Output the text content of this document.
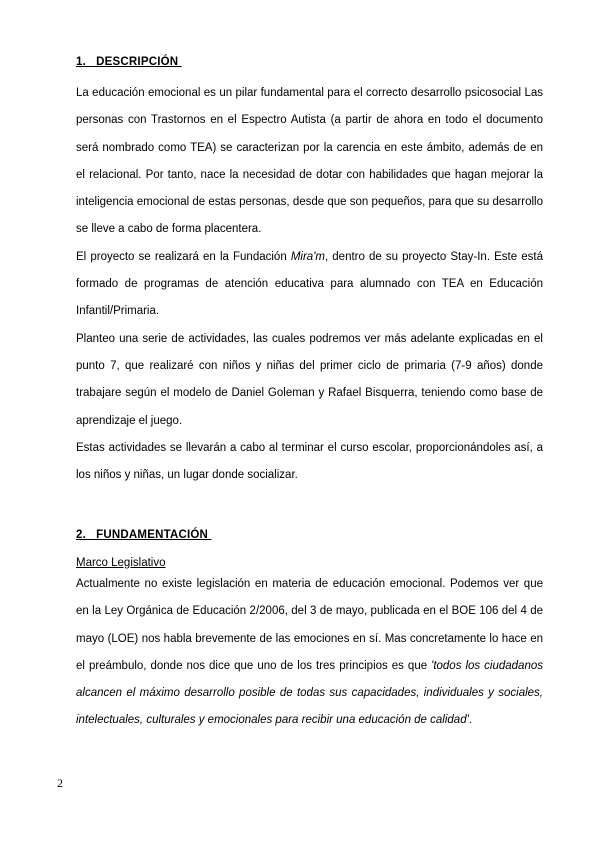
1.   DESCRIPCIÓN

La educación emocional es un pilar fundamental para el correcto desarrollo psicosocial Las personas con Trastornos en el Espectro Autista (a partir de ahora en todo el documento será nombrado como TEA) se caracterizan por la carencia en este ámbito, además de en el relacional. Por tanto, nace la necesidad de dotar con habilidades que hagan mejorar la inteligencia emocional de estas personas, desde que son pequeños, para que su desarrollo se lleve a cabo de forma placentera.

El proyecto se realizará en la Fundación Mira'm, dentro de su proyecto Stay-In. Este está formado de programas de atención educativa para alumnado con TEA en Educación Infantil/Primaria.

Planteo una serie de actividades, las cuales podremos ver más adelante explicadas en el punto 7, que realizaré con niños y niñas del primer ciclo de primaria (7-9 años) donde trabajare según el modelo de Daniel Goleman y Rafael Bisquerra, teniendo como base de aprendizaje el juego.

Estas actividades se llevarán a cabo al terminar el curso escolar, proporcionándoles así, a los niños y niñas, un lugar donde socializar.

2.   FUNDAMENTACIÓN
Marco Legislativo

Actualmente no existe legislación en materia de educación emocional. Podemos ver que en la Ley Orgánica de Educación 2/2006, del 3 de mayo, publicada en el BOE 106 del 4 de mayo (LOE) nos habla brevemente de las emociones en sí. Mas concretamente lo hace en el preámbulo, donde nos dice que uno de los tres principios es que 'todos los ciudadanos alcancen el máximo desarrollo posible de todas sus capacidades, individuales y sociales, intelectuales, culturales y emocionales para recibir una educación de calidad'.

2
